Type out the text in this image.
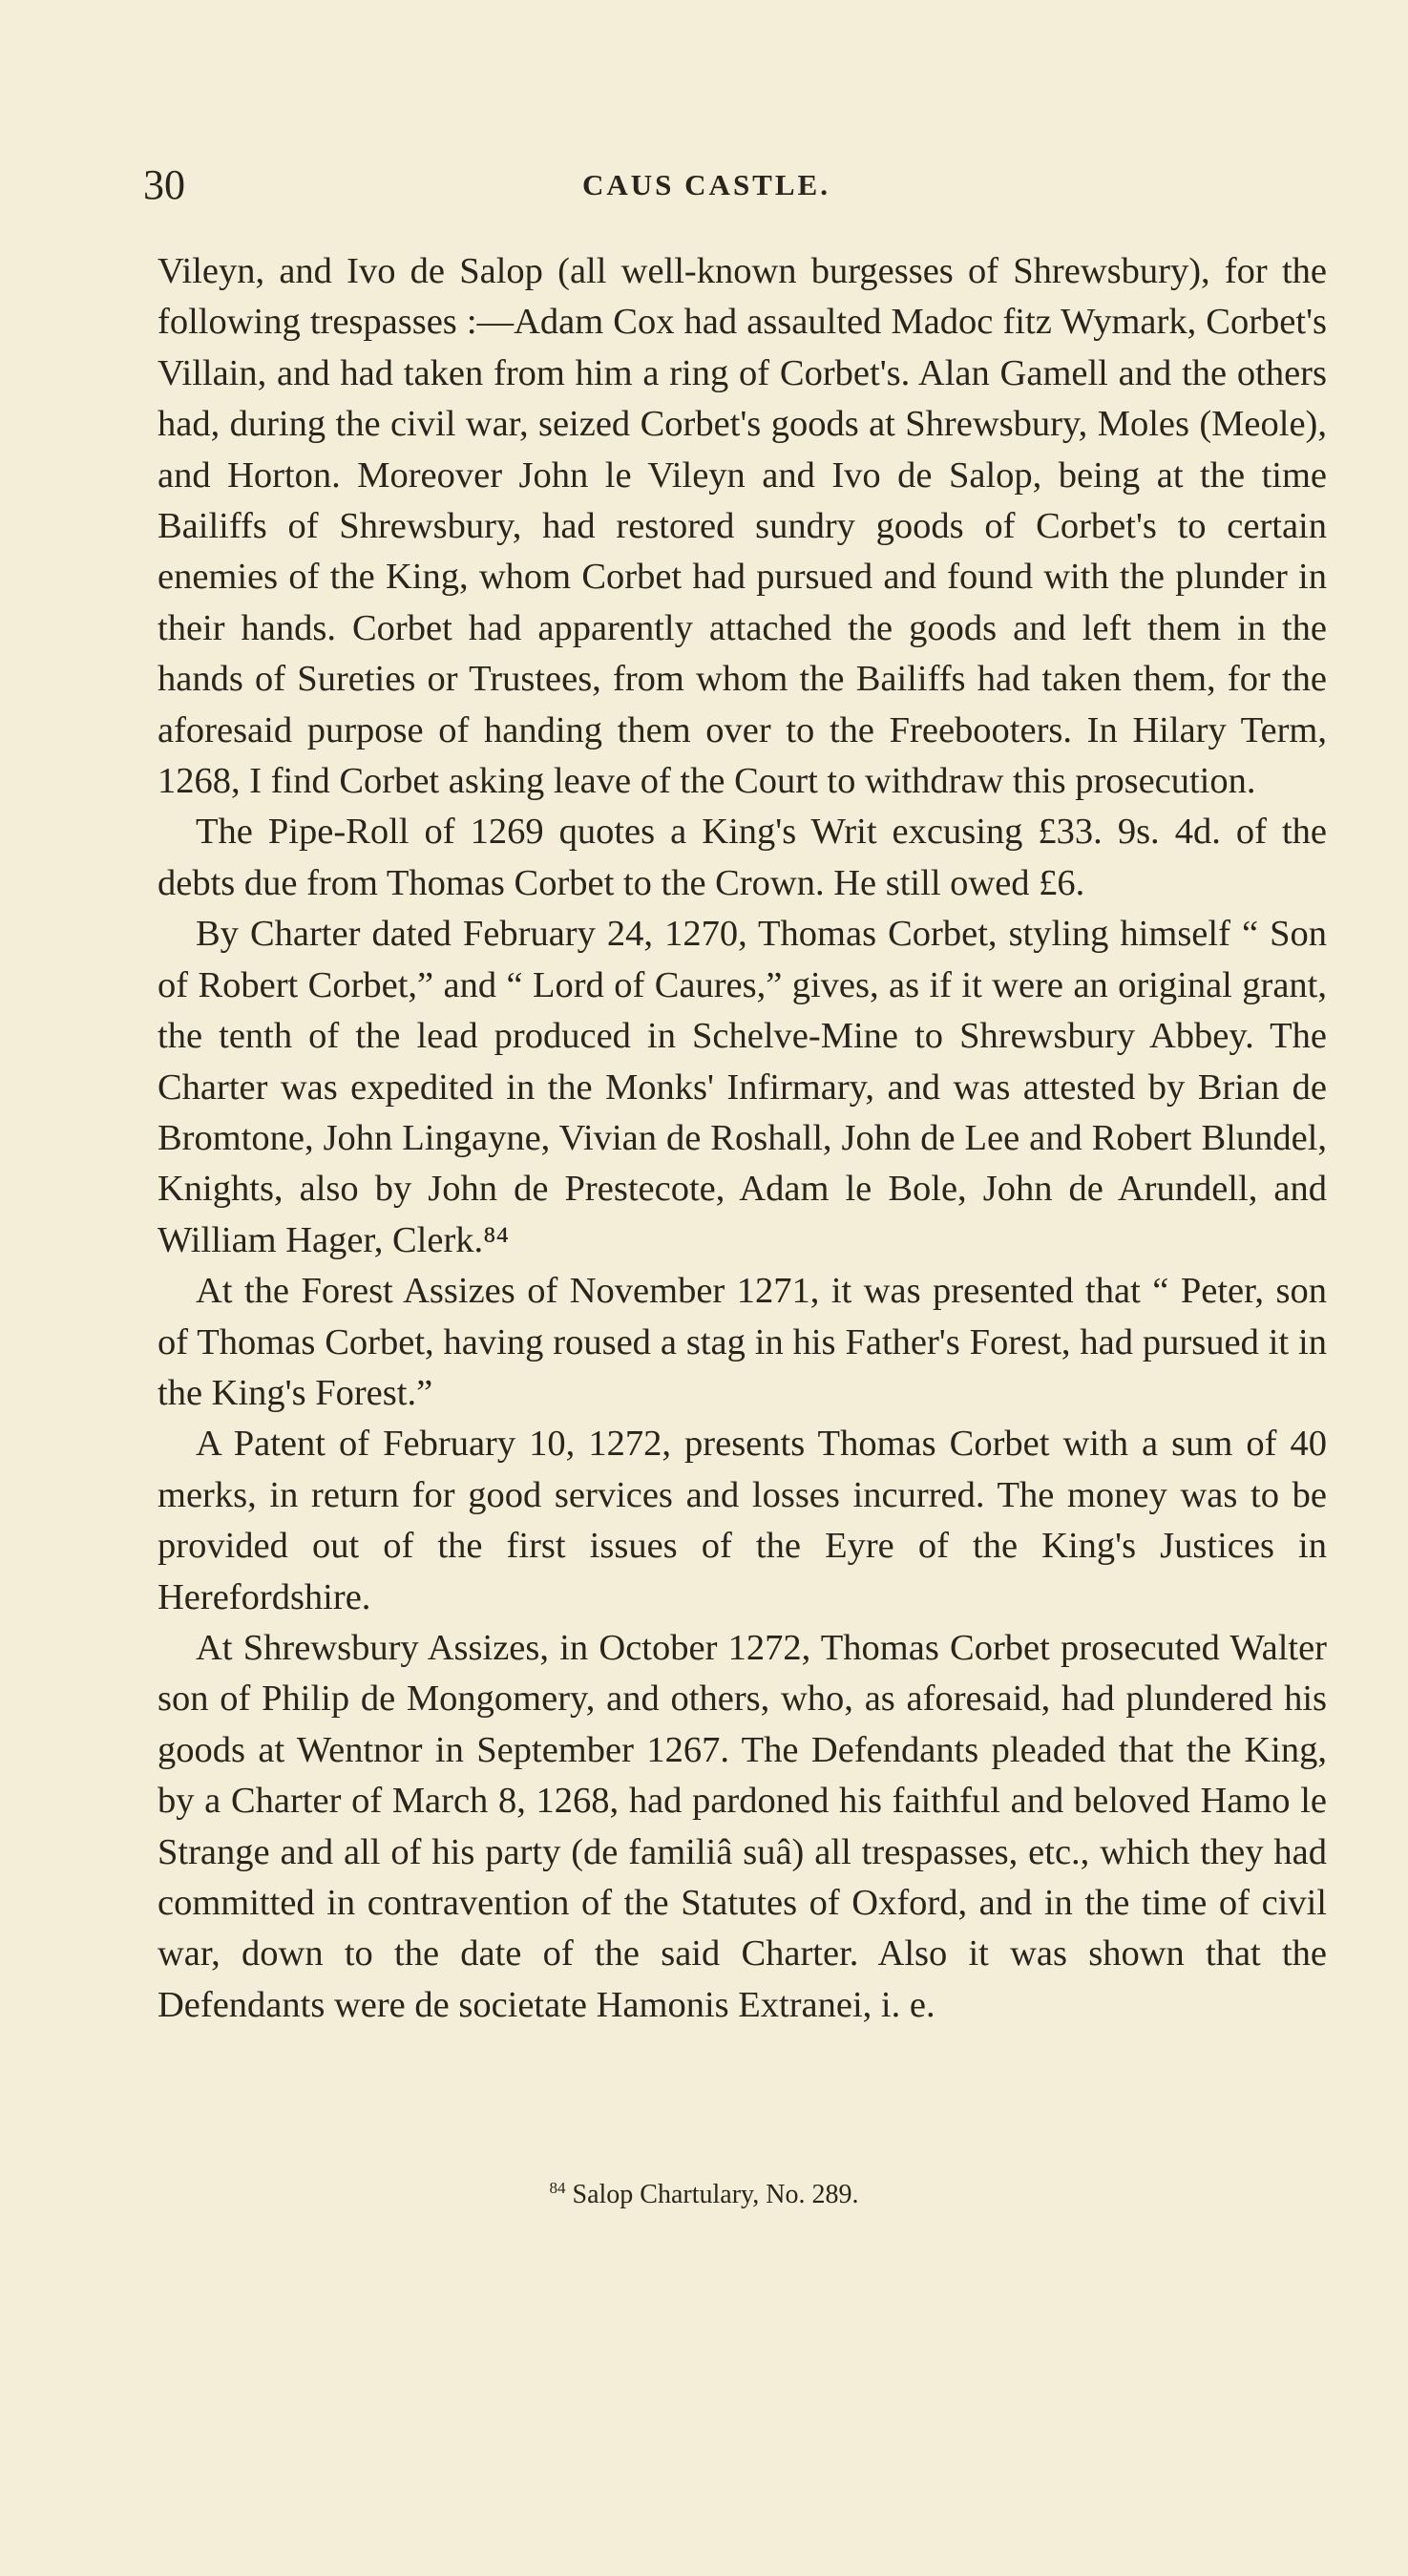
30	CAUS CASTLE.

Vileyn, and Ivo de Salop (all well-known burgesses of Shrewsbury), for the following trespasses :—Adam Cox had assaulted Madoc fitz Wymark, Corbet's Villain, and had taken from him a ring of Corbet's. Alan Gamell and the others had, during the civil war, seized Corbet's goods at Shrewsbury, Moles (Meole), and Horton. Moreover John le Vileyn and Ivo de Salop, being at the time Bailiffs of Shrewsbury, had restored sundry goods of Corbet's to certain enemies of the King, whom Corbet had pursued and found with the plunder in their hands. Corbet had apparently attached the goods and left them in the hands of Sureties or Trustees, from whom the Bailiffs had taken them, for the aforesaid purpose of handing them over to the Freebooters. In Hilary Term, 1268, I find Corbet asking leave of the Court to withdraw this prosecution.

The Pipe-Roll of 1269 quotes a King's Writ excusing £33. 9s. 4d. of the debts due from Thomas Corbet to the Crown. He still owed £6.

By Charter dated February 24, 1270, Thomas Corbet, styling himself “ Son of Robert Corbet,” and “ Lord of Caures,” gives, as if it were an original grant, the tenth of the lead produced in Schelve-Mine to Shrewsbury Abbey. The Charter was expedited in the Monks' Infirmary, and was attested by Brian de Bromtone, John Lingayne, Vivian de Roshall, John de Lee and Robert Blundel, Knights, also by John de Prestecote, Adam le Bole, John de Arundell, and William Hager, Clerk.⁸⁴

At the Forest Assizes of November 1271, it was presented that “ Peter, son of Thomas Corbet, having roused a stag in his Father's Forest, had pursued it in the King's Forest.”

A Patent of February 10, 1272, presents Thomas Corbet with a sum of 40 merks, in return for good services and losses incurred. The money was to be provided out of the first issues of the Eyre of the King's Justices in Herefordshire.

At Shrewsbury Assizes, in October 1272, Thomas Corbet prosecuted Walter son of Philip de Mongomery, and others, who, as aforesaid, had plundered his goods at Wentnor in September 1267. The Defendants pleaded that the King, by a Charter of March 8, 1268, had pardoned his faithful and beloved Hamo le Strange and all of his party (de familiâ suâ) all trespasses, etc., which they had committed in contravention of the Statutes of Oxford, and in the time of civil war, down to the date of the said Charter. Also it was shown that the Defendants were de societate Hamonis Extranei, i. e.

$^{84}$ Salop Chartulary, No. 289.
